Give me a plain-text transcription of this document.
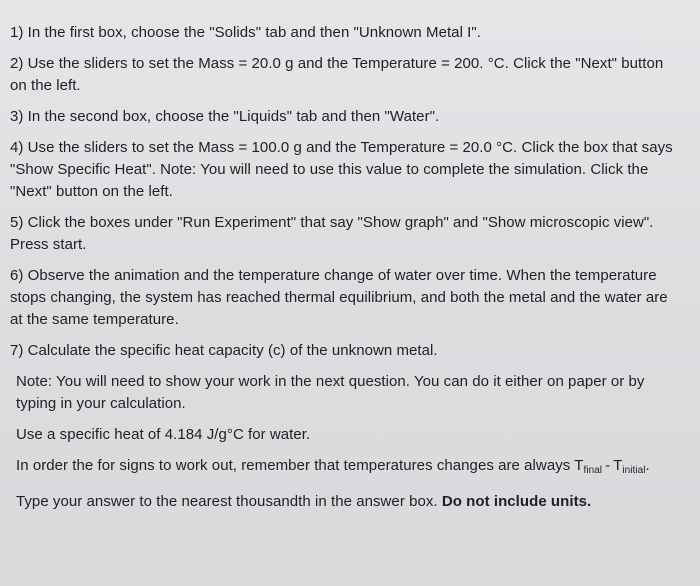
1) In the first box, choose the "Solids" tab and then "Unknown Metal I".

2) Use the sliders to set the Mass = 20.0 g and the Temperature = 200. °C. Click the "Next" button on the left.

3) In the second box, choose the "Liquids" tab and then "Water".

4) Use the sliders to set the Mass = 100.0 g and the Temperature = 20.0 °C. Click the box that says "Show Specific Heat". Note: You will need to use this value to complete the simulation. Click the "Next" button on the left.

5) Click the boxes under "Run Experiment" that say "Show graph" and "Show microscopic view". Press start.

6) Observe the animation and the temperature change of water over time. When the temperature stops changing, the system has reached thermal equilibrium, and both the metal and the water are at the same temperature.

7) Calculate the specific heat capacity (c) of the unknown metal.

Note: You will need to show your work in the next question. You can do it either on paper or by typing in your calculation.

Use a specific heat of 4.184 J/g°C for water.

In order the for signs to work out, remember that temperatures changes are always $T_{final} - T_{initial}$.

Type your answer to the nearest thousandth in the answer box. Do not include units.
